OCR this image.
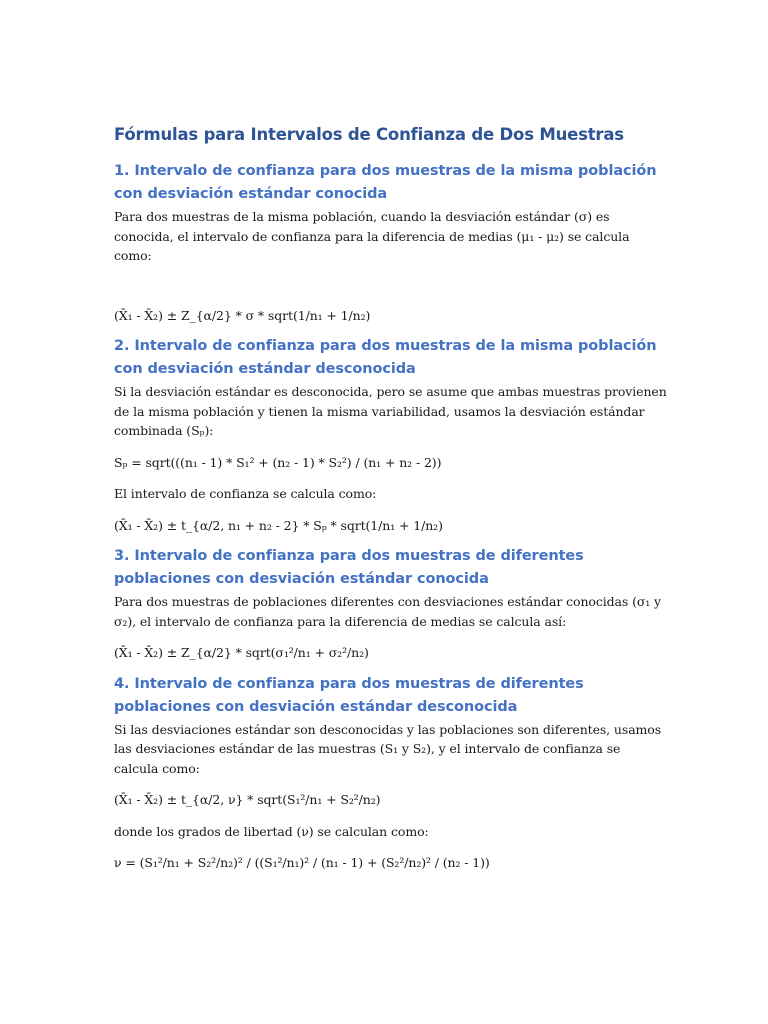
Fórmulas para Intervalos de Confianza de Dos Muestras
1. Intervalo de confianza para dos muestras de la misma población con desviación estándar conocida

Para dos muestras de la misma población, cuando la desviación estándar (σ) es conocida, el intervalo de confianza para la diferencia de medias (μ₁ - μ₂) se calcula como:

(X̄₁ - X̄₂) ± Z_{α/2} * σ * sqrt(1/n₁ + 1/n₂)

2. Intervalo de confianza para dos muestras de la misma población con desviación estándar desconocida

Si la desviación estándar es desconocida, pero se asume que ambas muestras provienen de la misma población y tienen la misma variabilidad, usamos la desviación estándar combinada (Sₚ):

Sₚ = sqrt(((n₁ - 1) * S₁² + (n₂ - 1) * S₂²) / (n₁ + n₂ - 2))

El intervalo de confianza se calcula como:

(X̄₁ - X̄₂) ± t_{α/2, n₁ + n₂ - 2} * Sₚ * sqrt(1/n₁ + 1/n₂)

3. Intervalo de confianza para dos muestras de diferentes poblaciones con desviación estándar conocida

Para dos muestras de poblaciones diferentes con desviaciones estándar conocidas (σ₁ y σ₂), el intervalo de confianza para la diferencia de medias se calcula así:

(X̄₁ - X̄₂) ± Z_{α/2} * sqrt(σ₁²/n₁ + σ₂²/n₂)

4. Intervalo de confianza para dos muestras de diferentes poblaciones con desviación estándar desconocida

Si las desviaciones estándar son desconocidas y las poblaciones son diferentes, usamos las desviaciones estándar de las muestras (S₁ y S₂), y el intervalo de confianza se calcula como:

(X̄₁ - X̄₂) ± t_{α/2, ν} * sqrt(S₁²/n₁ + S₂²/n₂)

donde los grados de libertad (ν) se calculan como:

ν = (S₁²/n₁ + S₂²/n₂)² / ((S₁²/n₁)² / (n₁ - 1) + (S₂²/n₂)² / (n₂ - 1))
